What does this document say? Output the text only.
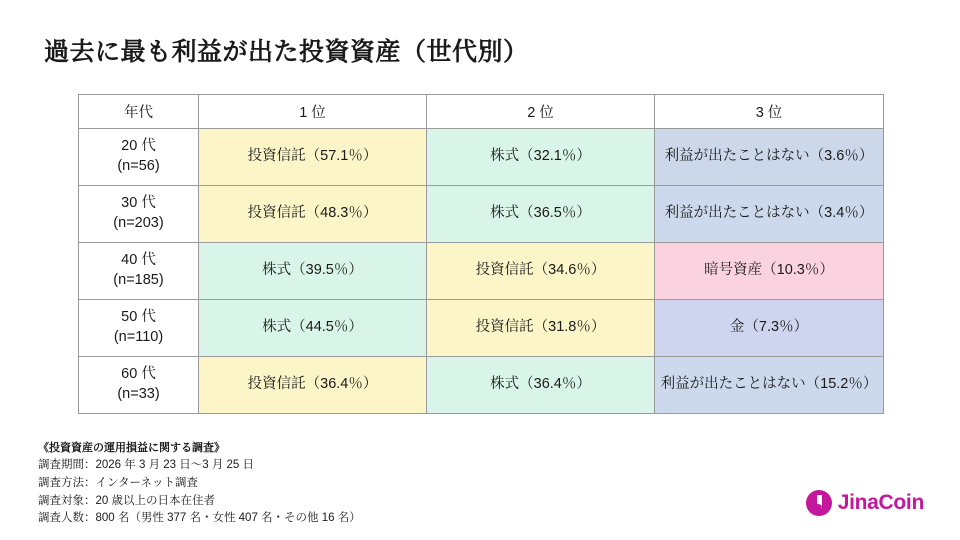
過去に最も利益が出た投資資産（世代別）
年代	1 位	2 位	3 位
20 代
(n=56)	投資信託（57.1％）	株式（32.1％）	利益が出たことはない（3.6％）
30 代
(n=203)	投資信託（48.3％）	株式（36.5％）	利益が出たことはない（3.4％）
40 代
(n=185)	株式（39.5％）	投資信託（34.6％）	暗号資産（10.3％）
50 代
(n=110)	株式（44.5％）	投資信託（31.8％）	金（7.3％）
60 代
(n=33)	投資信託（36.4％）	株式（36.4％）	利益が出たことはない（15.2％）
《投資資産の運用損益に関する調査》
調査期間：2026 年 3 月 23 日〜3 月 25 日
調査方法：インターネット調査
調査対象：20 歳以上の日本在住者
調査人数：800 名（男性 377 名・女性 407 名・その他 16 名）
JinaCoin
